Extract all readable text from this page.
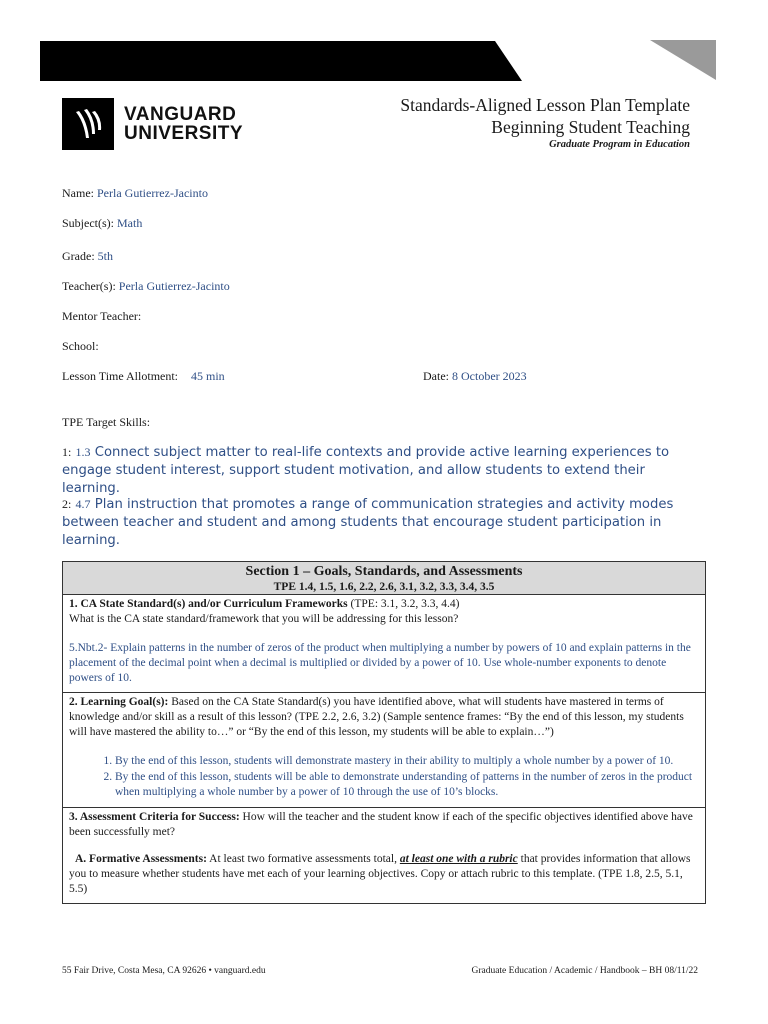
VANGUARD
UNIVERSITY
Standards-Aligned Lesson Plan Template
Beginning Student Teaching
Graduate Program in Education
Name: Perla Gutierrez-Jacinto
Subject(s): Math
Grade: 5th
Teacher(s): Perla Gutierrez-Jacinto
Mentor Teacher:
School:
Lesson Time Allotment: 45 min	Date: 8 October 2023
TPE Target Skills:
1: 1.3 Connect subject matter to real-life contexts and provide active learning experiences to engage student interest, support student motivation, and allow students to extend their learning.
2: 4.7 Plan instruction that promotes a range of communication strategies and activity modes between teacher and student and among students that encourage student participation in learning.
Section 1 – Goals, Standards, and Assessments
TPE 1.4, 1.5, 1.6, 2.2, 2.6, 3.1, 3.2, 3.3, 3.4, 3.5
1. CA State Standard(s) and/or Curriculum Frameworks (TPE: 3.1, 3.2, 3.3, 4.4)
What is the CA state standard/framework that you will be addressing for this lesson?
5.Nbt.2- Explain patterns in the number of zeros of the product when multiplying a number by powers of 10 and explain patterns in the placement of the decimal point when a decimal is multiplied or divided by a power of 10. Use whole-number exponents to denote powers of 10.
2. Learning Goal(s): Based on the CA State Standard(s) you have identified above, what will students have mastered in terms of knowledge and/or skill as a result of this lesson? (TPE 2.2, 2.6, 3.2) (Sample sentence frames: “By the end of this lesson, my students will have mastered the ability to…” or “By the end of this lesson, my students will be able to explain…”)
1. By the end of this lesson, students will demonstrate mastery in their ability to multiply a whole number by a power of 10.
2. By the end of this lesson, students will be able to demonstrate understanding of patterns in the number of zeros in the product when multiplying a whole number by a power of 10 through the use of 10’s blocks.
3. Assessment Criteria for Success: How will the teacher and the student know if each of the specific objectives identified above have been successfully met?
A. Formative Assessments: At least two formative assessments total, at least one with a rubric that provides information that allows you to measure whether students have met each of your learning objectives. Copy or attach rubric to this template. (TPE 1.8, 2.5, 5.1, 5.5)
55 Fair Drive, Costa Mesa, CA 92626 • vanguard.edu	Graduate Education / Academic / Handbook – BH 08/11/22
